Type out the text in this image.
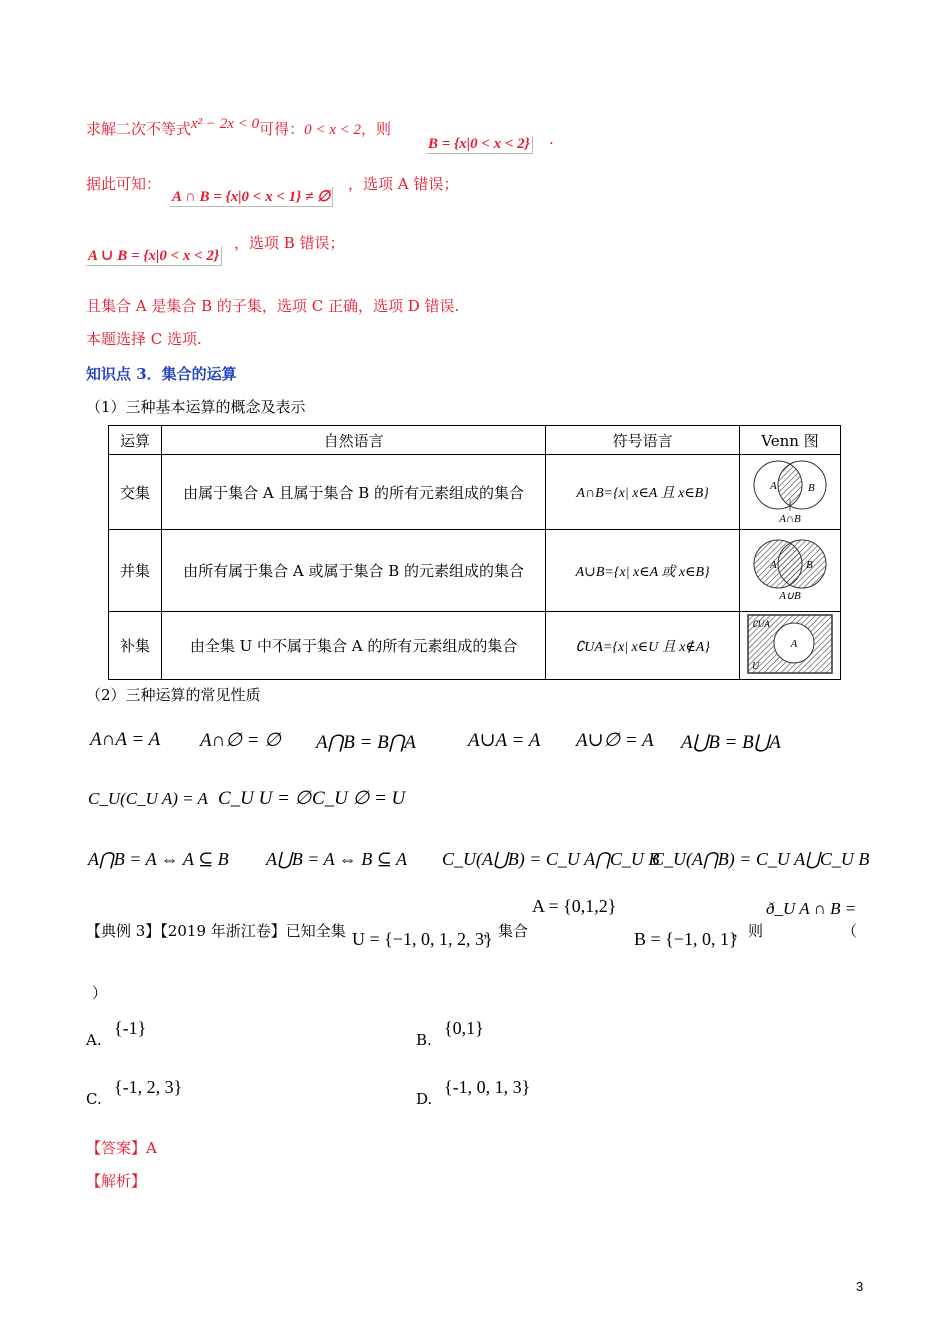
求解二次不等式x² − 2x < 0可得：0 < x < 2，则
B = {x|0 < x < 2} .
据此可知：
A ∩ B = {x|0 < x < 1} ≠ ∅
，选项 A 错误；
A ∪ B = {x|0 < x < 2}
，选项 B 错误；
且集合 A 是集合 B 的子集，选项 C 正确，选项 D 错误.
本题选择 C 选项.
知识点 3．集合的运算
（1）三种基本运算的概念及表示
运算	自然语言	符号语言	Venn 图
交集	由属于集合 A 且属于集合 B 的所有元素组成的集合	A∩B={x| x∈A 且 x∈B}	A B
A∩B

并集	由所有属于集合 A 或属于集合 B 的元素组成的集合	A∪B={x| x∈A 或 x∈B}	A B
A∪B

补集	由全集 U 中不属于集合 A 的所有元素组成的集合	∁UA={x| x∈U 且 x∉A}	A
∁UA
U
（2）三种运算的常见性质
A∩A = A A∩∅ = ∅ A⋂B = B⋂A	A∪A = A A∪∅ = A A⋃B = B⋃A
C_U(C_U A) = A C_U U = ∅ C_U ∅ = U
A⋂B = A ⇔ A ⊆ B A⋃B = A ⇔ B ⊆ A C_U(A⋃B) = C_U A⋂C_U B
C_U(A⋂B) = C_U A⋃C_U B
A = {0,1,2}	ð_U A ∩ B =
【典例 3】【2019 年浙江卷】已知全集 U = {−1, 0, 1, 2, 3}
，集合	B = {−1, 0, 1}
，则	（
）
A.
{-1}
B.
{0,1}
C.
{-1, 2, 3}
D.
{-1, 0, 1, 3}
【答案】A
【解析】
3
